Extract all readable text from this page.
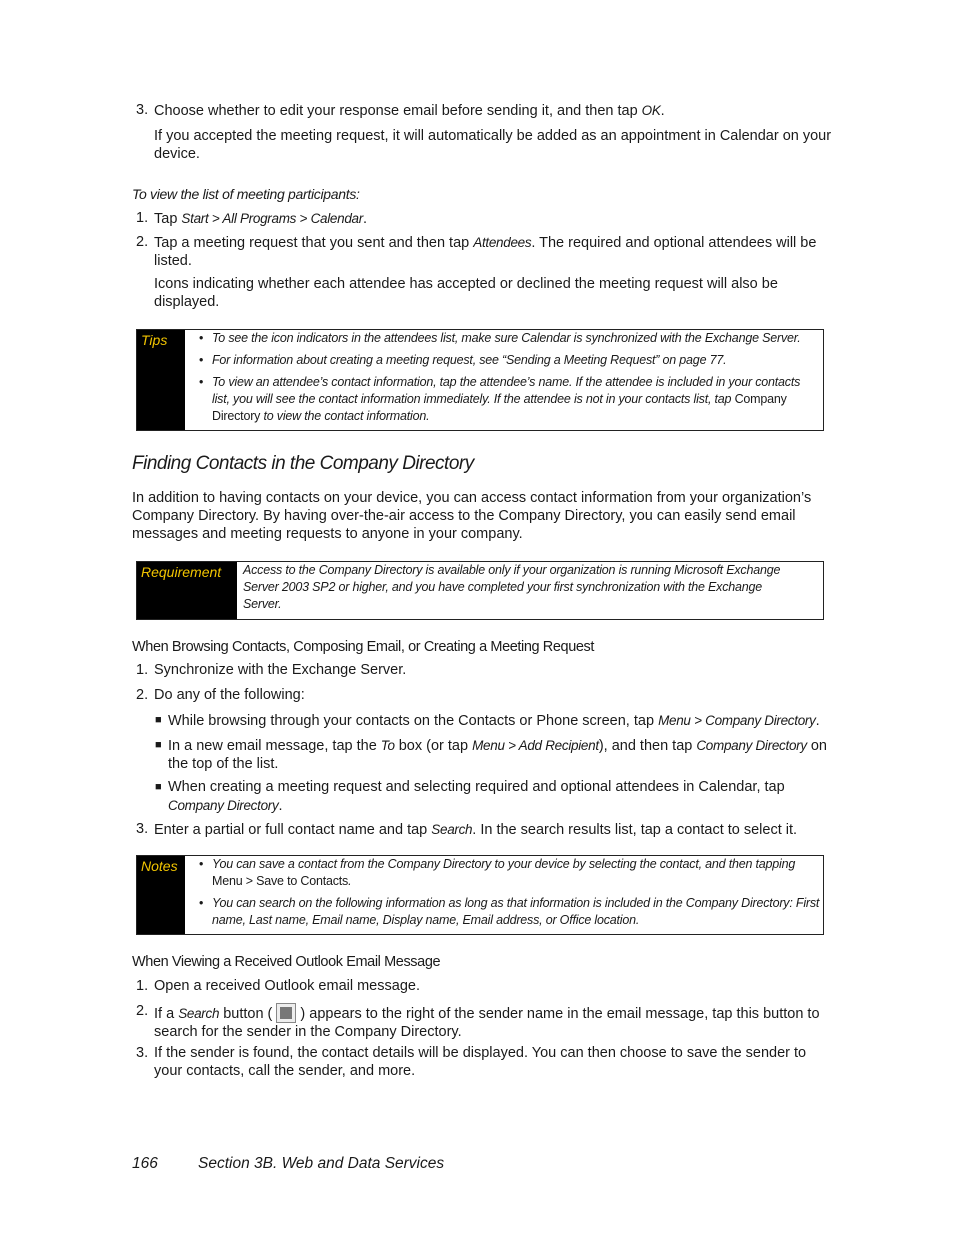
3. Choose whether to edit your response email before sending it, and then tap OK.
If you accepted the meeting request, it will automatically be added as an appointment in Calendar on your device.
To view the list of meeting participants:
1. Tap Start > All Programs > Calendar.
2. Tap a meeting request that you sent and then tap Attendees. The required and optional attendees will be listed.
Icons indicating whether each attendee has accepted or declined the meeting request will also be displayed.
Tips	• To see the icon indicators in the attendees list, make sure Calendar is synchronized with the Exchange Server.
• For information about creating a meeting request, see “Sending a Meeting Request” on page 77.
• To view an attendee’s contact information, tap the attendee’s name. If the attendee is included in your contacts list, you will see the contact information immediately. If the attendee is not in your contacts list, tap Company Directory to view the contact information.
Finding Contacts in the Company Directory
In addition to having contacts on your device, you can access contact information from your organization’s Company Directory. By having over-the-air access to the Company Directory, you can easily send email messages and meeting requests to anyone in your company.
Requirement	Access to the Company Directory is available only if your organization is running Microsoft Exchange Server 2003 SP2 or higher, and you have completed your first synchronization with the Exchange Server.
When Browsing Contacts, Composing Email, or Creating a Meeting Request
1. Synchronize with the Exchange Server.
2. Do any of the following:
■ While browsing through your contacts on the Contacts or Phone screen, tap Menu > Company Directory.
■ In a new email message, tap the To box (or tap Menu > Add Recipient), and then tap Company Directory on the top of the list.
■ When creating a meeting request and selecting required and optional attendees in Calendar, tap Company Directory.
3. Enter a partial or full contact name and tap Search. In the search results list, tap a contact to select it.
Notes	• You can save a contact from the Company Directory to your device by selecting the contact, and then tapping Menu > Save to Contacts.
• You can search on the following information as long as that information is included in the Company Directory: First name, Last name, Email name, Display name, Email address, or Office location.
When Viewing a Received Outlook Email Message
1. Open a received Outlook email message.
2. If a Search button (
) appears to the right of the sender name in the email message, tap this button to search for the sender in the Company Directory.
3. If the sender is found, the contact details will be displayed. You can then choose to save the sender to your contacts, call the sender, and more.
166	Section 3B. Web and Data Services
